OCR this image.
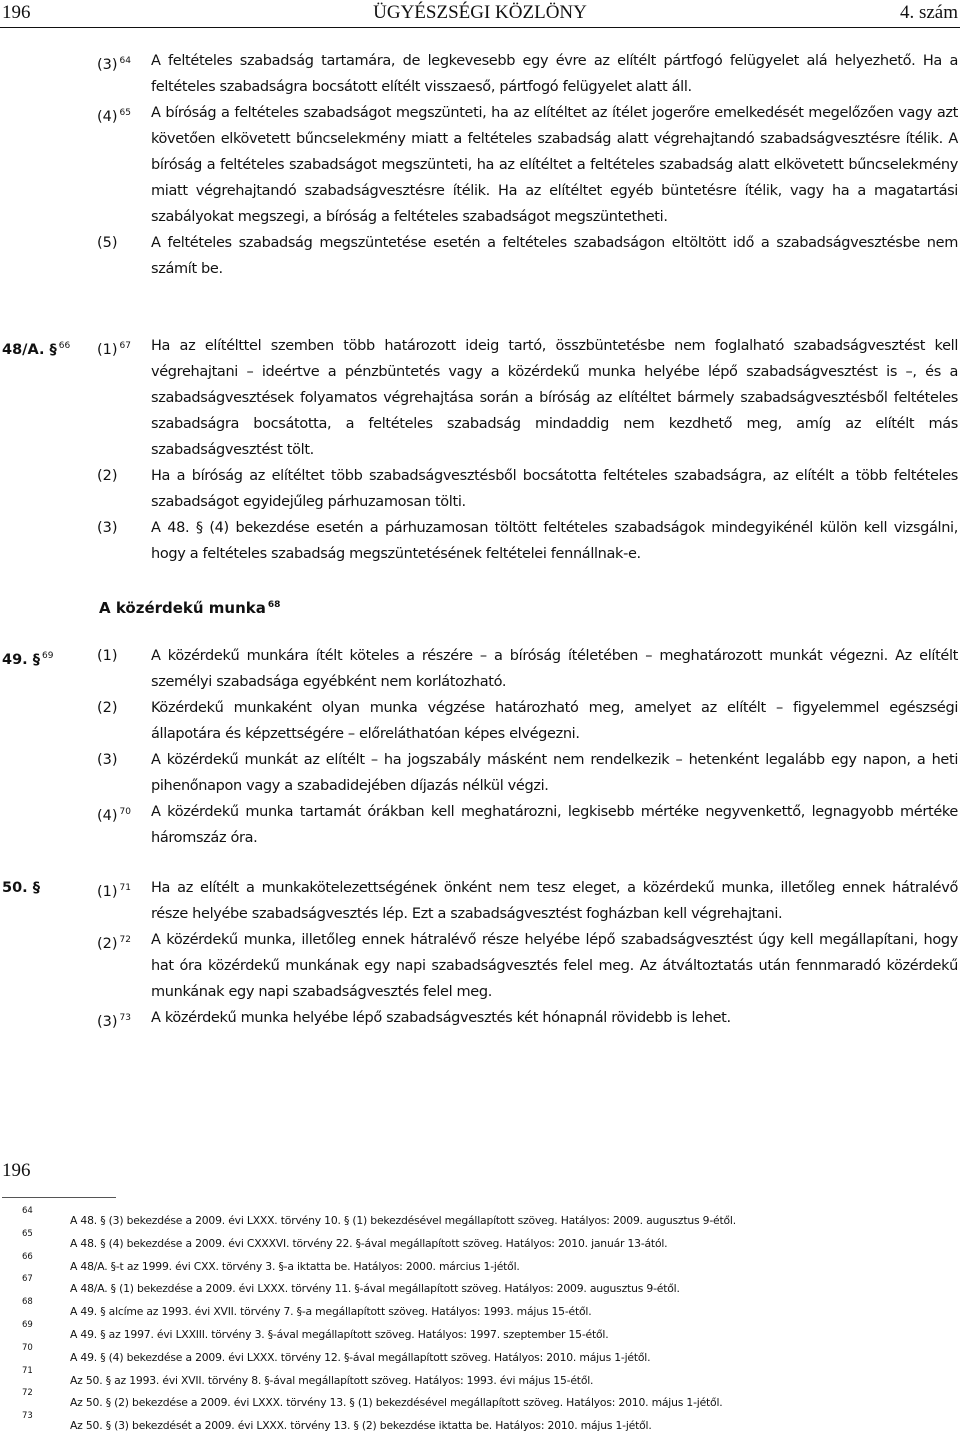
ÜGYÉSZSÉGI KÖZLÖNY
196	4. szám
(3) $^{64}$ A feltételes szabadság tartamára, de legkevesebb egy évre az elítélt pártfogó felügyelet alá helyezhető. Ha a feltételes szabadságra bocsátott elítélt visszaeső, pártfogó felügyelet alatt áll.
(4) $^{65}$ A bíróság a feltételes szabadságot megszünteti, ha az elítéltet az ítélet jogerőre emelkedését megelőzően vagy azt követően elkövetett bűncselekmény miatt a feltételes szabadság alatt végrehajtandó szabadságvesztésre ítélik. A bíróság a feltételes szabadságot megszünteti, ha az elítéltet a feltételes szabadság alatt elkövetett bűncselekmény miatt végrehajtandó szabadságvesztésre ítélik. Ha az elítéltet egyéb büntetésre ítélik, vagy ha a magatartási szabályokat megszegi, a bíróság a feltételes szabadságot megszüntetheti.
(5) A feltételes szabadság megszüntetése esetén a feltételes szabadságon eltöltött idő a szabadságvesztésbe nem számít be.
48/A. § $^{66}$ (1) $^{67}$ Ha az elítélttel szemben több határozott ideig tartó, összbüntetésbe nem foglalható szabadságvesztést kell végrehajtani – ideértve a pénzbüntetés vagy a közérdekű munka helyébe lépő szabadságvesztést is –, és a szabadságvesztések folyamatos végrehajtása során a bíróság az elítéltet bármely szabadságvesztésből feltételes szabadságra bocsátotta, a feltételes szabadság mindaddig nem kezdhető meg, amíg az elítélt más szabadságvesztést tölt.
(2) Ha a bíróság az elítéltet több szabadságvesztésből bocsátotta feltételes szabadságra, az elítélt a több feltételes szabadságot egyidejűleg párhuzamosan tölti.
(3) A 48. § (4) bekezdése esetén a párhuzamosan töltött feltételes szabadságok mindegyikénél külön kell vizsgálni, hogy a feltételes szabadság megszüntetésének feltételei fennállnak-e.
A közérdekű munka $^{68}$
49. § $^{69}$	(1) A közérdekű munkára ítélt köteles a részére – a bíróság ítéletében – meghatározott munkát végezni. Az elítélt személyi szabadsága egyébként nem korlátozható.
(2) Közérdekű munkaként olyan munka végzése határozható meg, amelyet az elítélt – figyelemmel egészségi állapotára és képzettségére – előreláthatóan képes elvégezni.
(3) A közérdekű munkát az elítélt – ha jogszabály másként nem rendelkezik – hetenként legalább egy napon, a heti pihenőnapon vagy a szabadidejében díjazás nélkül végzi.
(4) $^{70}$ A közérdekű munka tartamát órákban kell meghatározni, legkisebb mértéke negyvenkettő, legnagyobb mértéke háromszáz óra.
50. §	(1) $^{71}$ Ha az elítélt a munkakötelezettségének önként nem tesz eleget, a közérdekű munka, illetőleg ennek hátralévő része helyébe szabadságvesztés lép. Ezt a szabadságvesztést fogházban kell végrehajtani.
(2) $^{72}$ A közérdekű munka, illetőleg ennek hátralévő része helyébe lépő szabadságvesztést úgy kell megállapítani, hogy hat óra közérdekű munkának egy napi szabadságvesztés felel meg. Az átváltoztatás után fennmaradó közérdekű munkának egy napi szabadságvesztés felel meg.
(3) $^{73}$ A közérdekű munka helyébe lépő szabadságvesztés két hónapnál rövidebb is lehet.
196
64
A 48. § (3) bekezdése a 2009. évi LXXX. törvény 10. § (1) bekezdésével megállapított szöveg. Hatályos: 2009. augusztus 9-étől.
65
A 48. § (4) bekezdése a 2009. évi CXXXVI. törvény 22. §-ával megállapított szöveg. Hatályos: 2010. január 13-ától.
66
A 48/A. §-t az 1999. évi CXX. törvény 3. §-a iktatta be. Hatályos: 2000. március 1-jétől.
67
A 48/A. § (1) bekezdése a 2009. évi LXXX. törvény 11. §-ával megállapított szöveg. Hatályos: 2009. augusztus 9-étől.
68
A 49. § alcíme az 1993. évi XVII. törvény 7. §-a megállapított szöveg. Hatályos: 1993. május 15-étől.
69
A 49. § az 1997. évi LXXIII. törvény 3. §-ával megállapított szöveg. Hatályos: 1997. szeptember 15-étől.
70
A 49. § (4) bekezdése a 2009. évi LXXX. törvény 12. §-ával megállapított szöveg. Hatályos: 2010. május 1-jétől.
71
Az 50. § az 1993. évi XVII. törvény 8. §-ával megállapított szöveg. Hatályos: 1993. évi május 15-étől.
72
Az 50. § (2) bekezdése a 2009. évi LXXX. törvény 13. § (1) bekezdésével megállapított szöveg. Hatályos: 2010. május 1-jétől.
73
Az 50. § (3) bekezdését a 2009. évi LXXX. törvény 13. § (2) bekezdése iktatta be. Hatályos: 2010. május 1-jétől.
